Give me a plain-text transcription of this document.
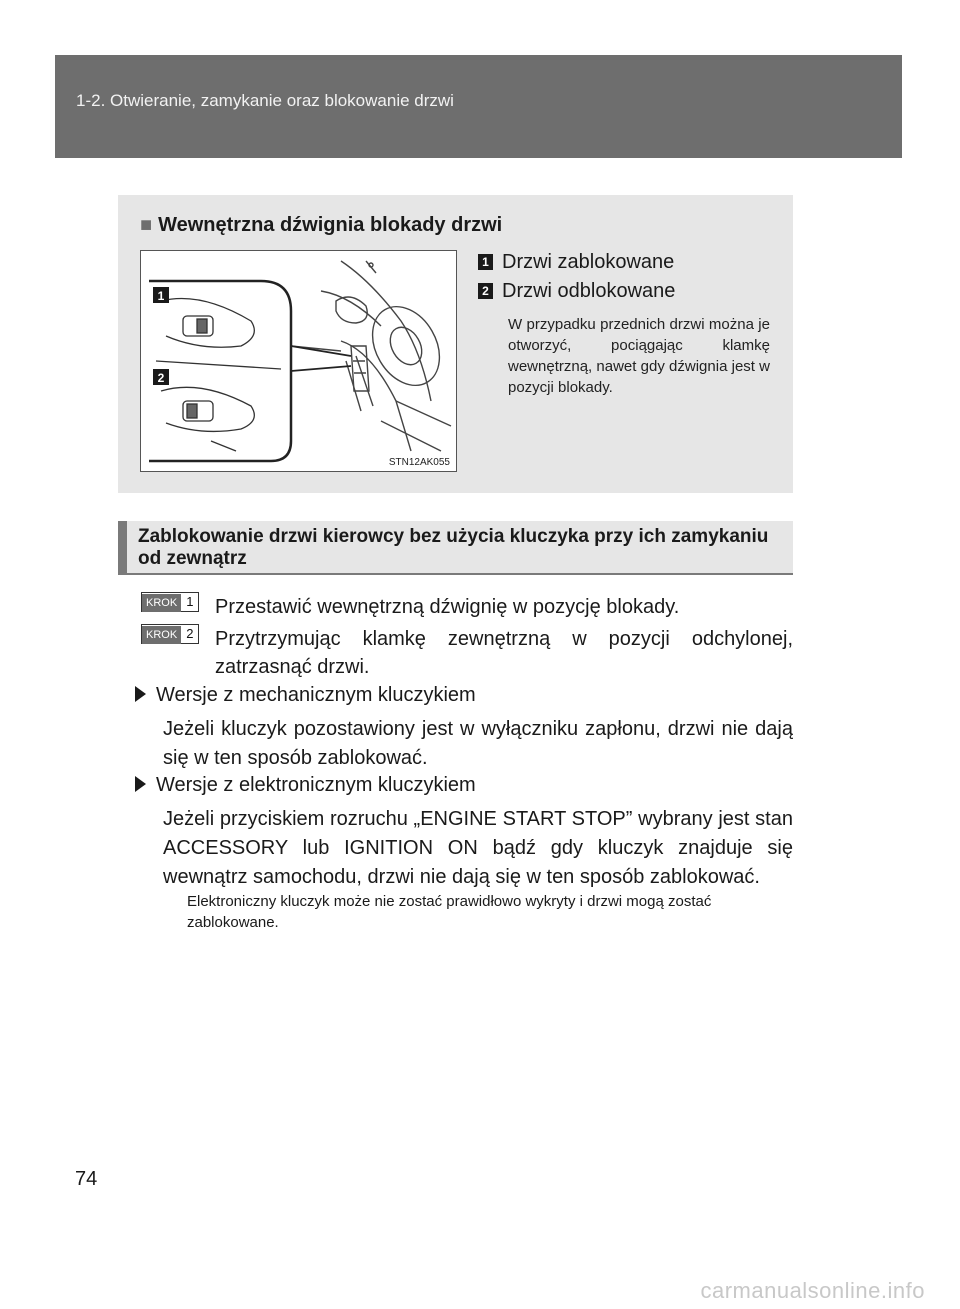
1-2. Otwieranie, zamykanie oraz blokowanie drzwi
■ Wewnętrzna dźwignia blokady drzwi
1
2
STN12AK055
1 Drzwi zablokowane
2 Drzwi odblokowane
W przypadku przednich drzwi można je otworzyć, pociągając klamkę wewnętrzną, nawet gdy dźwignia jest w pozycji blokady.
Zablokowanie drzwi kierowcy bez użycia kluczyka przy ich zamykaniu od zewnątrz
KROK 1	Przestawić wewnętrzną dźwignię w pozycję blokady.
KROK 2	Przytrzymując klamkę zewnętrzną w pozycji odchylonej, zatrzasnąć drzwi.
Wersje z mechanicznym kluczykiem
Jeżeli kluczyk pozostawiony jest w wyłączniku zapłonu, drzwi nie dają się w ten sposób zablokować.
Wersje z elektronicznym kluczykiem
Jeżeli przyciskiem rozruchu „ENGINE START STOP” wybrany jest stan ACCESSORY lub IGNITION ON bądź gdy kluczyk znajduje się wewnątrz samochodu, drzwi nie dają się w ten sposób zablokować.
Elektroniczny kluczyk może nie zostać prawidłowo wykryty i drzwi mogą zostać zablokowane.
74
carmanualsonline.info
